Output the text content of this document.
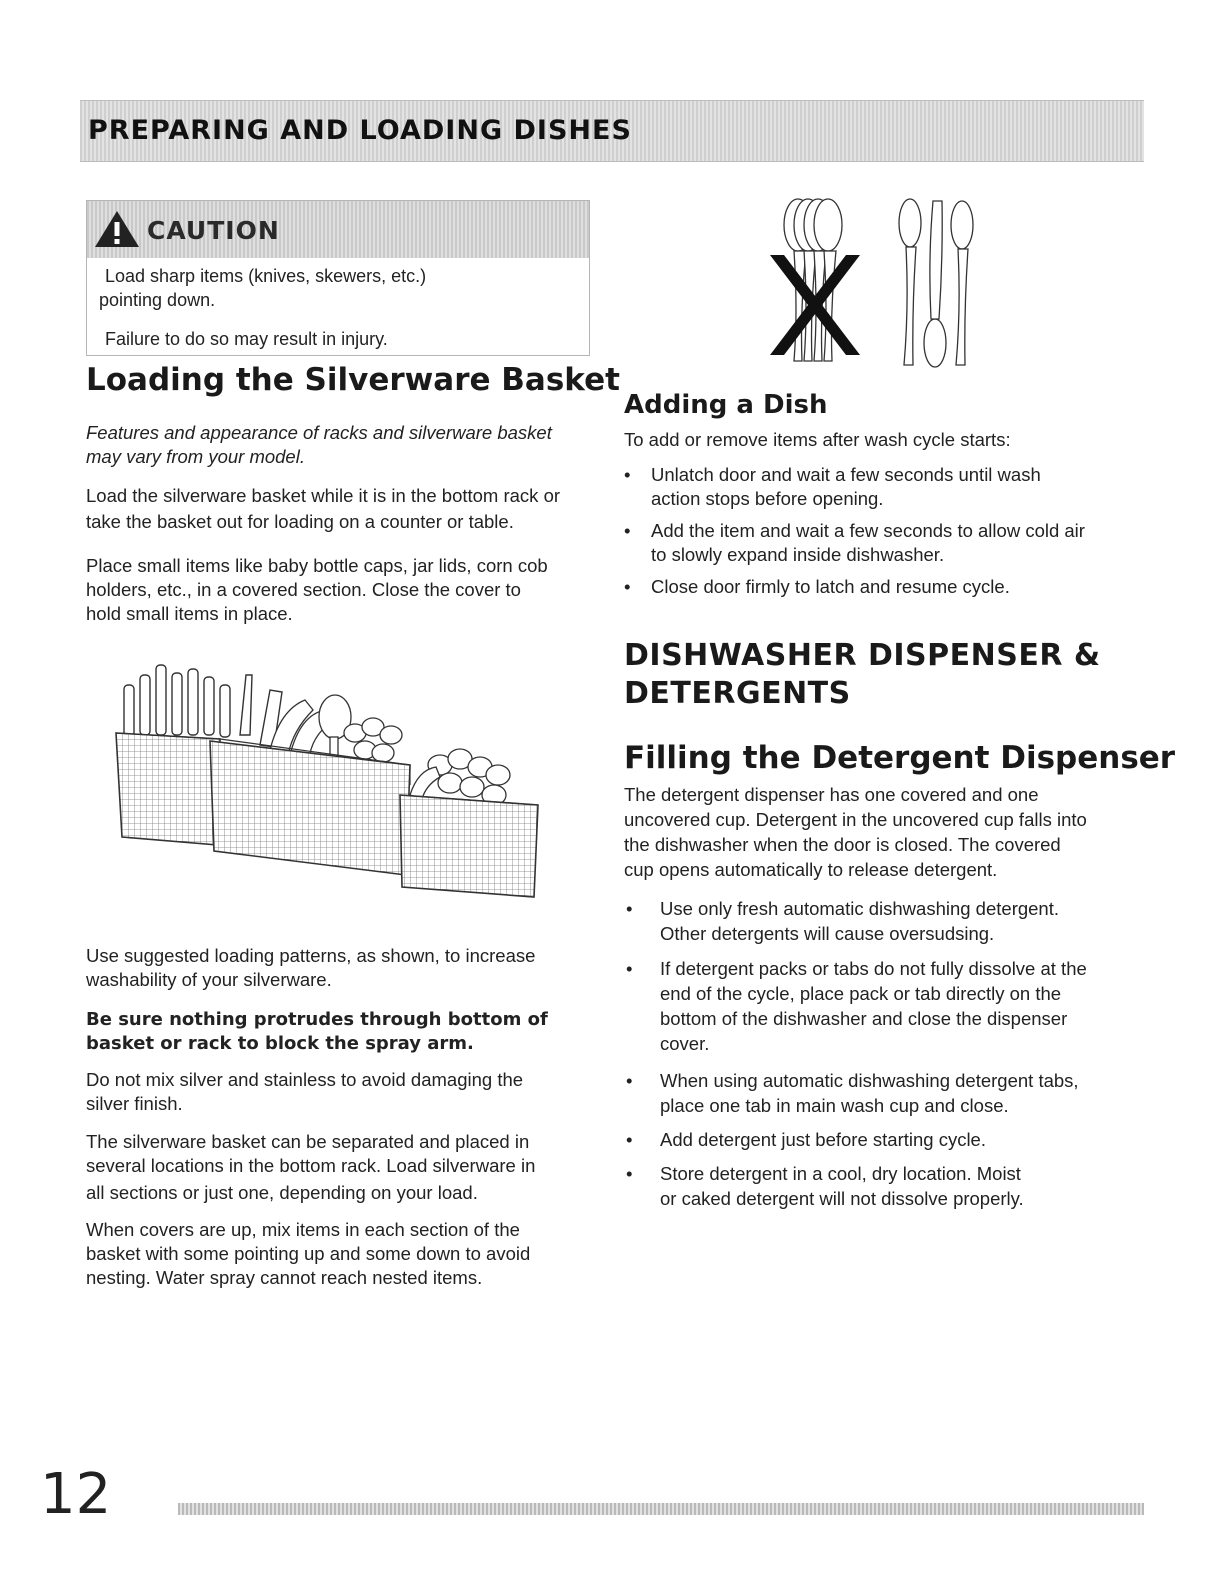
PREPARING AND LOADING DISHES
CAUTION
Load sharp items (knives, skewers, etc.)
pointing down.
Failure to do so may result in injury.
Loading the Silverware Basket
Features and appearance of racks and silverware basket
may vary from your model.
Load the silverware basket while it is in the bottom rack or
take the basket out for loading on a counter or table.
Place small items like baby bottle caps, jar lids, corn cob
holders, etc., in a covered section. Close the cover to
hold small items in place.
Use suggested loading patterns, as shown, to increase
washability of your silverware.
Be sure nothing protrudes through bottom of
basket or rack to block the spray arm.
Do not mix silver and stainless to avoid damaging the
silver finish.
The silverware basket can be separated and placed in
several locations in the bottom rack. Load silverware in
all sections or just one, depending on your load.
When covers are up, mix items in each section of the
basket with some pointing up and some down to avoid
nesting. Water spray cannot reach nested items.
Adding a Dish
To add or remove items after wash cycle starts:
• Unlatch door and wait a few seconds until wash
action stops before opening.
• Add the item and wait a few seconds to allow cold air
to slowly expand inside dishwasher.
• Close door firmly to latch and resume cycle.
DISHWASHER DISPENSER &
DETERGENTS
Filling the Detergent Dispenser
The detergent dispenser has one covered and one
uncovered cup. Detergent in the uncovered cup falls into
the dishwasher when the door is closed. The covered
cup opens automatically to release detergent.
• Use only fresh automatic dishwashing detergent.
Other detergents will cause oversudsing.
• If detergent packs or tabs do not fully dissolve at the
end of the cycle, place pack or tab directly on the
bottom of the dishwasher and close the dispenser
cover.
• When using automatic dishwashing detergent tabs,
place one tab in main wash cup and close.
• Add detergent just before starting cycle.
• Store detergent in a cool, dry location. Moist
or caked detergent will not dissolve properly.
12
